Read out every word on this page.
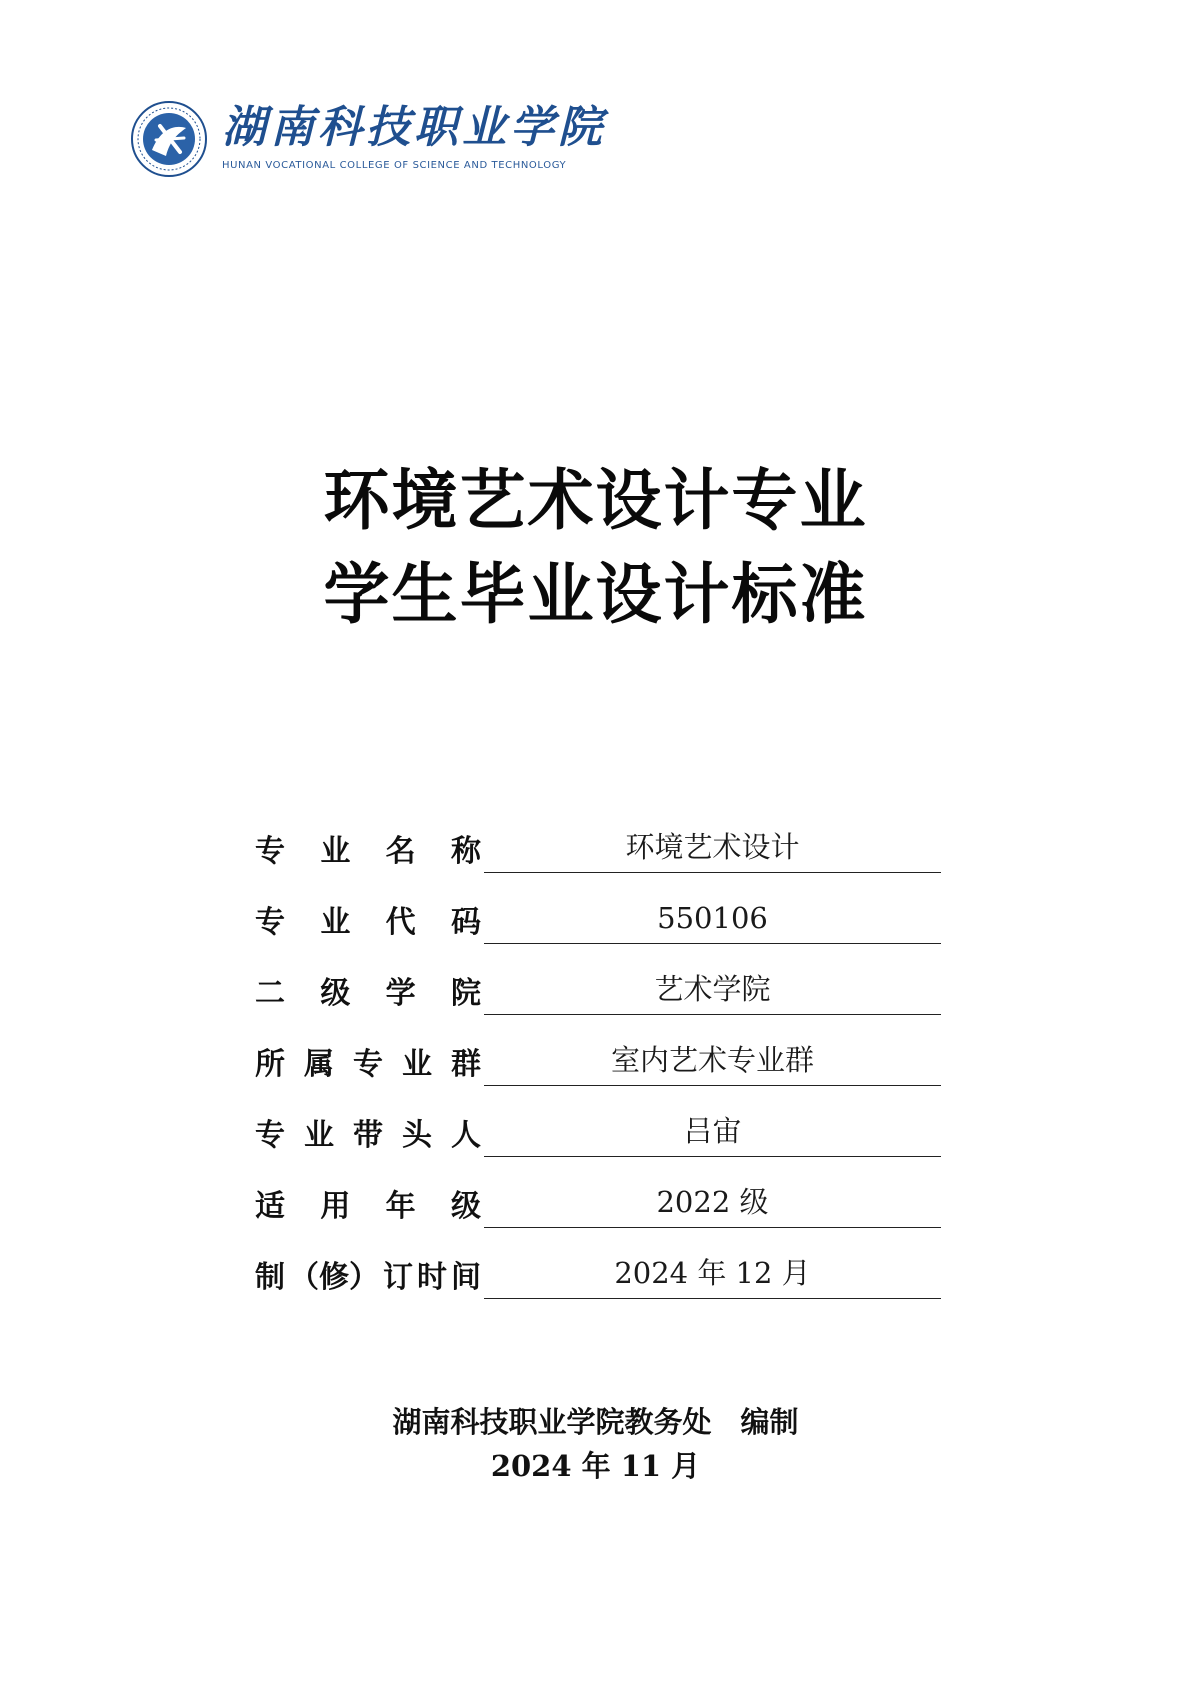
湖南科技职业学院
HUNAN VOCATIONAL COLLEGE OF SCIENCE AND TECHNOLOGY
环境艺术设计专业
学生毕业设计标准
专 业 名 称	环境艺术设计
专 业 代 码	550106
二 级 学 院	艺术学院
所 属 专 业 群	室内艺术专业群
专 业 带 头 人	吕宙
适 用 年 级	2022 级
制 （修） 订 时 间	2024 年 12 月
湖南科技职业学院教务处　编制
2024 年 11 月
